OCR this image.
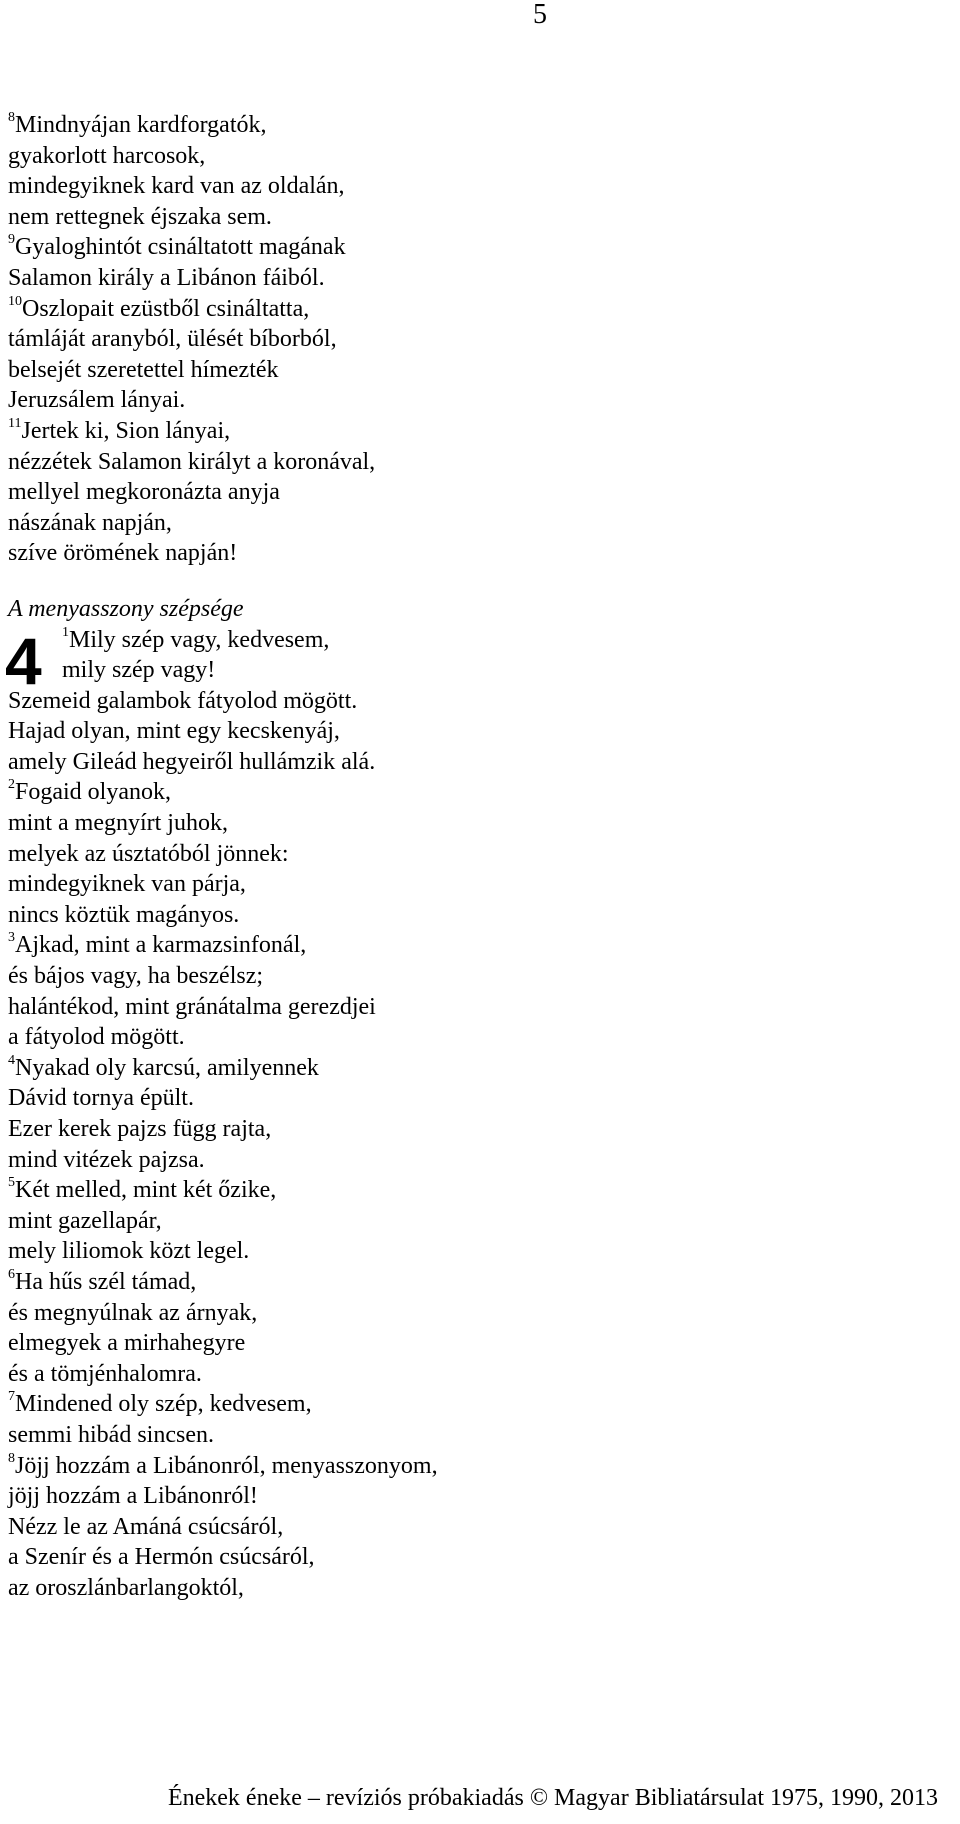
5
$^8$Mindnyájan kardforgatók,
gyakorlott harcosok,
mindegyiknek kard van az oldalán,
nem rettegnek éjszaka sem.
$^9$Gyaloghintót csináltatott magának
Salamon király a Libánon fáiból.
$^{10}$Oszlopait ezüstből csináltatta,
támláját aranyból, ülését bíborból,
belsejét szeretettel hímezték
Jeruzsálem lányai.
$^{11}$Jertek ki, Sion lányai,
nézzétek Salamon királyt a koronával,
mellyel megkoronázta anyja
nászának napján,
szíve örömének napján!
A menyasszony szépsége
4	$^1$Mily szép vagy, kedvesem,
mily szép vagy!
Szemeid galambok fátyolod mögött.
Hajad olyan, mint egy kecskenyáj,
amely Gileád hegyeiről hullámzik alá.
$^2$Fogaid olyanok,
mint a megnyírt juhok,
melyek az úsztatóból jönnek:
mindegyiknek van párja,
nincs köztük magányos.
$^3$Ajkad, mint a karmazsinfonál,
és bájos vagy, ha beszélsz;
halántékod, mint gránátalma gerezdjei
a fátyolod mögött.
$^4$Nyakad oly karcsú, amilyennek
Dávid tornya épült.
Ezer kerek pajzs függ rajta,
mind vitézek pajzsa.
$^5$Két melled, mint két őzike,
mint gazellapár,
mely liliomok közt legel.
$^6$Ha hűs szél támad,
és megnyúlnak az árnyak,
elmegyek a mirhahegyre
és a tömjénhalomra.
$^7$Mindened oly szép, kedvesem,
semmi hibád sincsen.
$^8$Jöjj hozzám a Libánonról, menyasszonyom,
jöjj hozzám a Libánonról!
Nézz le az Amáná csúcsáról,
a Szenír és a Hermón csúcsáról,
az oroszlánbarlangoktól,
Énekek éneke – revíziós próbakiadás © Magyar Bibliatársulat 1975, 1990, 2013
